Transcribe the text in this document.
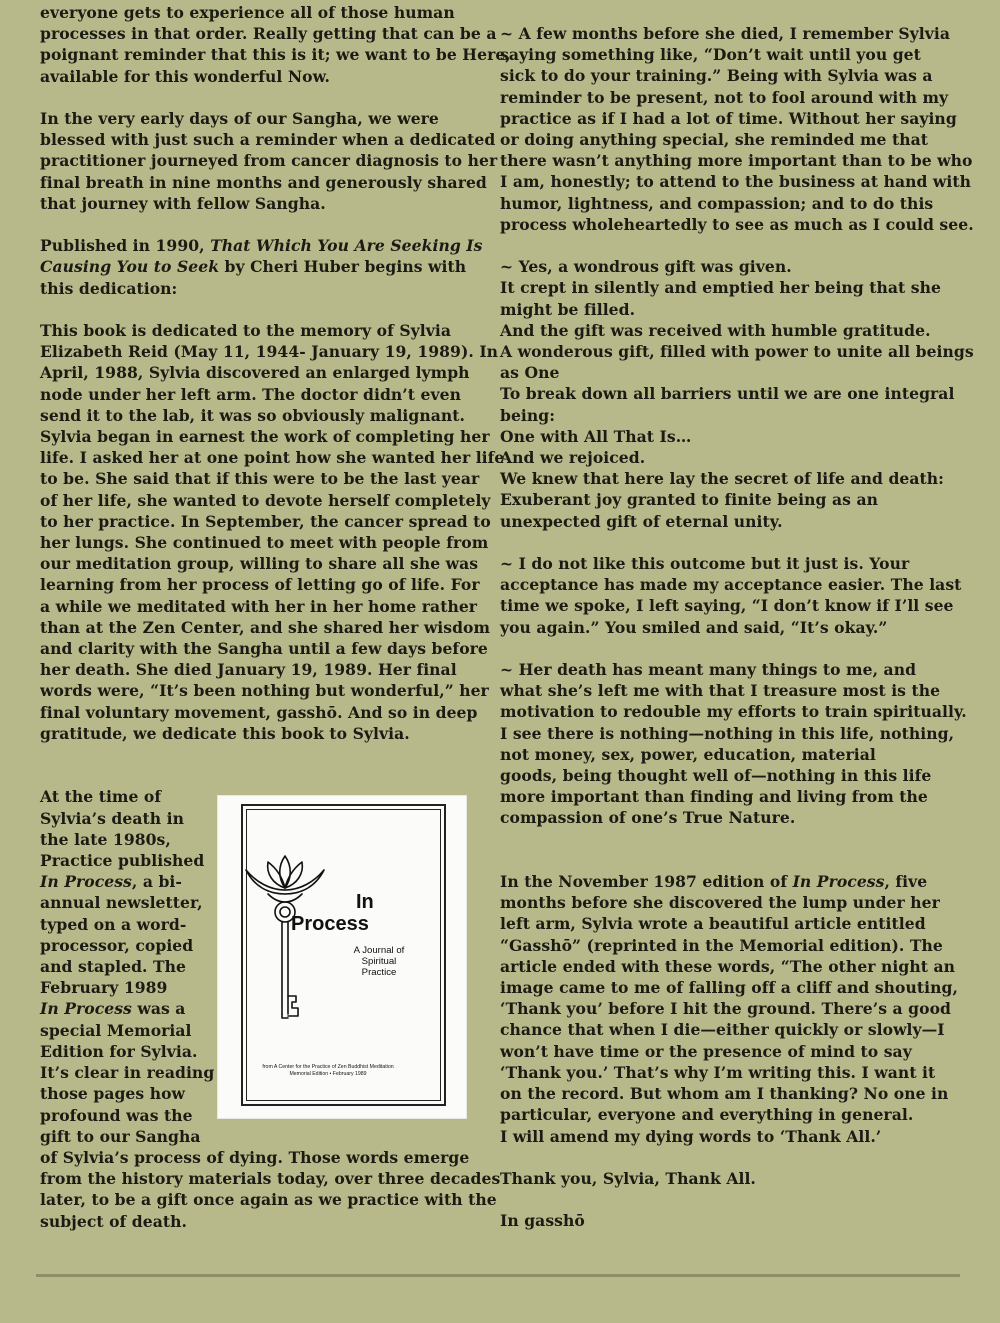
everyone gets to experience all of those human
processes in that order. Really getting that can be a
poignant reminder that this is it; we want to be Here,
available for this wonderful Now.

In the very early days of our Sangha, we were
blessed with just such a reminder when a dedicated
practitioner journeyed from cancer diagnosis to her
final breath in nine months and generously shared
that journey with fellow Sangha.

Published in 1990, That Which You Are Seeking Is
Causing You to Seek by Cheri Huber begins with
this dedication:

This book is dedicated to the memory of Sylvia
Elizabeth Reid (May 11, 1944- January 19, 1989). In
April, 1988, Sylvia discovered an enlarged lymph
node under her left arm. The doctor didn’t even
send it to the lab, it was so obviously malignant.
Sylvia began in earnest the work of completing her
life. I asked her at one point how she wanted her life
to be. She said that if this were to be the last year
of her life, she wanted to devote herself completely
to her practice. In September, the cancer spread to
her lungs. She continued to meet with people from
our meditation group, willing to share all she was
learning from her process of letting go of life. For
a while we meditated with her in her home rather
than at the Zen Center, and she shared her wisdom
and clarity with the Sangha until a few days before
her death. She died January 19, 1989. Her final
words were, “It’s been nothing but wonderful,” her
final voluntary movement, gasshō. And so in deep
gratitude, we dedicate this book to Sylvia.

At the time of
Sylvia’s death in
the late 1980s,
Practice published
In Process, a bi-
annual newsletter,
typed on a word-
processor, copied
and stapled. The
February 1989
In Process was a
special Memorial
Edition for Sylvia.
It’s clear in reading
those pages how
profound was the
gift to our Sangha
of Sylvia’s process of dying. Those words emerge
from the history materials today, over three decades
later, to be a gift once again as we practice with the
subject of death.

In
Process
A Journal of
Spiritual
Practice
from A Center for the Practice of Zen Buddhist Meditation
Memorial Edition • February 1989

~ A few months before she died, I remember Sylvia
saying something like, “Don’t wait until you get
sick to do your training.” Being with Sylvia was a
reminder to be present, not to fool around with my
practice as if I had a lot of time. Without her saying
or doing anything special, she reminded me that
there wasn’t anything more important than to be who
I am, honestly; to attend to the business at hand with
humor, lightness, and compassion; and to do this
process wholeheartedly to see as much as I could see.

~ Yes, a wondrous gift was given.
It crept in silently and emptied her being that she
might be filled.
And the gift was received with humble gratitude.
A wonderous gift, filled with power to unite all beings
as One
To break down all barriers until we are one integral
being:
One with All That Is…
And we rejoiced.
We knew that here lay the secret of life and death:
Exuberant joy granted to finite being as an
unexpected gift of eternal unity.

~ I do not like this outcome but it just is. Your
acceptance has made my acceptance easier. The last
time we spoke, I left saying, “I don’t know if I’ll see
you again.” You smiled and said, “It’s okay.”

~ Her death has meant many things to me, and
what she’s left me with that I treasure most is the
motivation to redouble my efforts to train spiritually.
I see there is nothing—nothing in this life, nothing,
not money, sex, power, education, material
goods, being thought well of—nothing in this life
more important than finding and living from the
compassion of one’s True Nature.

In the November 1987 edition of In Process, five
months before she discovered the lump under her
left arm, Sylvia wrote a beautiful article entitled
“Gasshō” (reprinted in the Memorial edition). The
article ended with these words, “The other night an
image came to me of falling off a cliff and shouting,
‘Thank you’ before I hit the ground. There’s a good
chance that when I die—either quickly or slowly—I
won’t have time or the presence of mind to say
‘Thank you.’ That’s why I’m writing this. I want it
on the record. But whom am I thanking? No one in
particular, everyone and everything in general.
I will amend my dying words to ‘Thank All.’

Thank you, Sylvia, Thank All.

In gasshō
